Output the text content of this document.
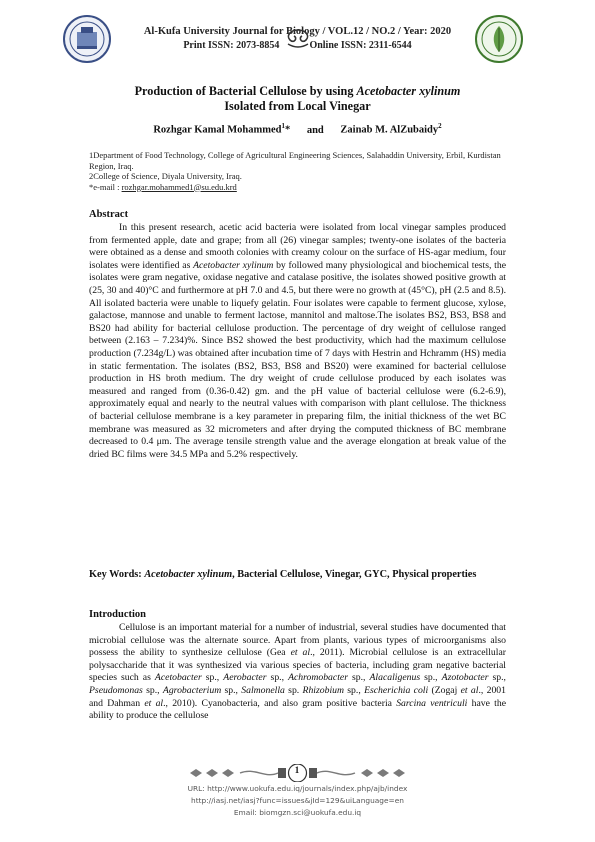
Al-Kufa University Journal for Biology / VOL.12 / NO.2 / Year: 2020
Print ISSN: 2073-8854	Online ISSN: 2311-6544
Production of Bacterial Cellulose by using Acetobacter xylinum
Isolated from Local Vinegar
Rozhgar Kamal Mohammed$^1$* and Zainab M. AlZubaidy$^2$
1Department of Food Technology, College of Agricultural Engineering Sciences, Salahaddin University, Erbil, Kurdistan Region, Iraq.
2College of Science, Diyala University, Iraq.
*e-mail : rozhgar.mohammed1@su.edu.krd
Abstract
In this present research, acetic acid bacteria were isolated from local vinegar samples produced from fermented apple, date and grape; from all (26) vinegar samples; twenty-one isolates of the bacteria were obtained as a dense and smooth colonies with creamy colour on the surface of HS-agar medium, four isolates were identified as Acetobacter xylinum by followed many physiological and biochemical tests, the isolates were gram negative, oxidase negative and catalase positive, the isolates showed positive growth at (25, 30 and 40)°C and furthermore at pH 7.0 and 4.5, but there were no growth at (45°C), pH (2.5 and 8.5). All isolated bacteria were unable to liquefy gelatin. Four isolates were capable to ferment glucose, xylose, galactose, mannose and unable to ferment lactose, mannitol and maltose.The isolates BS2, BS3, BS8 and BS20 had ability for bacterial cellulose production. The percentage of dry weight of cellulose ranged between (2.163 – 7.234)%. Since BS2 showed the best productivity, which had the maximum cellulose production (7.234g/L) was obtained after incubation time of 7 days with Hestrin and Hchramm (HS) media in static fermentation. The isolates (BS2, BS3, BS8 and BS20) were examined for bacterial cellulose production in HS broth medium. The dry weight of crude cellulose produced by each isolates was measured and ranged from (0.36-0.42) gm. and the pH value of bacterial cellulose were (6.2-6.9), approximately equal and nearly to the neutral values with comparison with plant cellulose. The thickness of bacterial cellulose membrane is a key parameter in preparing film, the initial thickness of the wet BC membrane was measured as 32 micrometers and after drying the computed thickness of BC membrane decreased to 0.4 μm. The average tensile strength value and the average elongation at break value of the dried BC films were 34.5 MPa and 5.2% respectively.
Key Words: Acetobacter xylinum, Bacterial Cellulose, Vinegar, GYC, Physical properties
Introduction
Cellulose is an important material for a number of industrial, several studies have documented that microbial cellulose was the alternate source. Apart from plants, various types of microorganisms also possess the ability to synthesize cellulose (Gea et al., 2011). Microbial cellulose is an extracellular polysaccharide that it was synthesized via various species of bacteria, including gram negative bacterial species such as Acetobacter sp., Aerobacter sp., Achromobacter sp., Alacaligenus sp., Azotobacter sp., Pseudomonas sp., Agrobacterium sp., Salmonella sp. Rhizobium sp., Escherichia coli (Zogaj et al., 2001 and Dahman et al., 2010). Cyanobacteria, and also gram positive bacteria Sarcina ventriculi have the ability to produce the cellulose
1
URL: http://www.uokufa.edu.iq/journals/index.php/ajb/index
http://iasj.net/iasj?func=issues&jId=129&uiLanguage=en
Email: biomgzn.sci@uokufa.edu.iq
